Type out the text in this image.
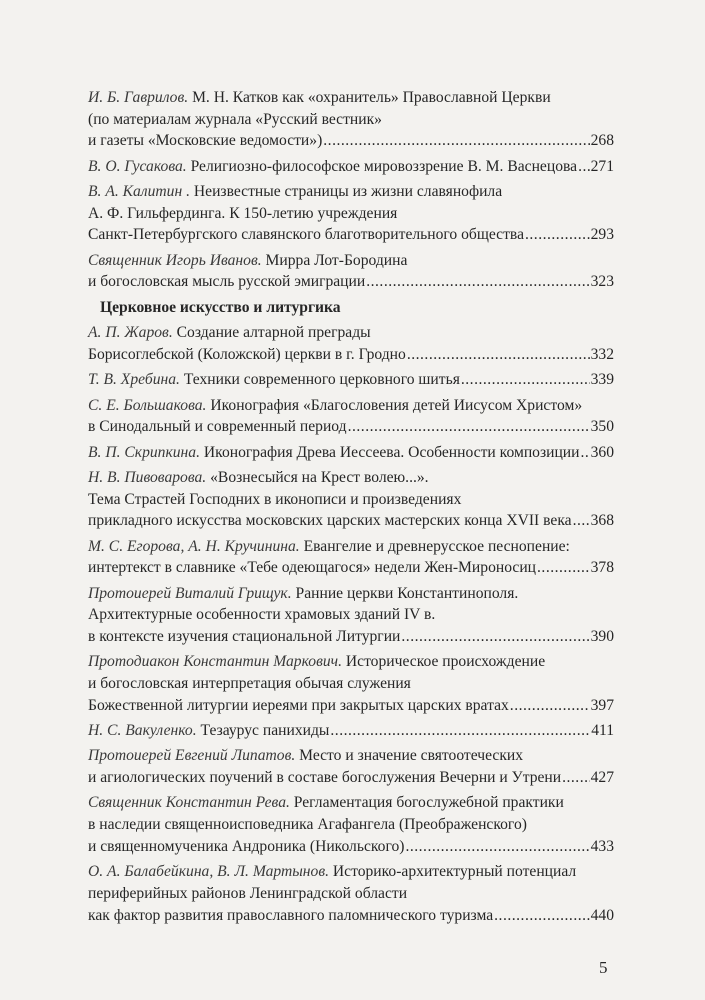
И. Б. Гаврилов. М. Н. Катков как «охранитель» Православной Церкви
(по материалам журнала «Русский вестник»
и газеты «Московские ведомости») .....	268
В. О. Гусакова. Религиозно-философское мировоззрение В. М. Васнецова ..... 271
В. А. Калитин . Неизвестные страницы из жизни славянофила
А. Ф. Гильфердинга. К 150-летию учреждения
Санкт-Петербургского славянского благотворительного общества .....	293
Священник Игорь Иванов. Мирра Лот-Бородина
и богословская мысль русской эмиграции .....	323
Церковное искусство и литургика
А. П. Жаров. Создание алтарной преграды
Борисоглебской (Коложской) церкви в г. Гродно .....	332
Т. В. Хребина. Техники современного церковного шитья .....	339
С. Е. Большакова. Иконография «Благословения детей Иисусом Христом»
в Синодальный и современный период .....	350
В. П. Скрипкина. Иконография Древа Иессеева. Особенности композиции ..... 360
Н. В. Пивоварова. «Вознесыйся на Крест волею...».
Тема Страстей Господних в иконописи и произведениях
прикладного искусства московских царских мастерских конца XVII века ..... 368
М. С. Егорова, А. Н. Кручинина. Евангелие и древнерусское песнопение:
интертекст в славнике «Тебе одеющагося» недели Жен-Мироносиц .....	378
Протоиерей Виталий Грищук. Ранние церкви Константинополя.
Архитектурные особенности храмовых зданий IV в.
в контексте изучения стациональной Литургии .....	390
Протодиакон Константин Маркович. Историческое происхождение
и богословская интерпретация обычая служения
Божественной литургии иереями при закрытых царских вратах .....	397
Н. С. Вакуленко. Тезаурус панихиды .....	411
Протоиерей Евгений Липатов. Место и значение святоотеческих
и агиологических поучений в составе богослужения Вечерни и Утрени ..... 427
Священник Константин Рева. Регламентация богослужебной практики
в наследии священноисповедника Агафангела (Преображенского)
и священномученика Андроника (Никольского) .....	433
О. А. Балабейкина, В. Л. Мартынов. Историко-архитектурный потенциал
периферийных районов Ленинградской области
как фактор развития православного паломнического туризма .....	440
5
